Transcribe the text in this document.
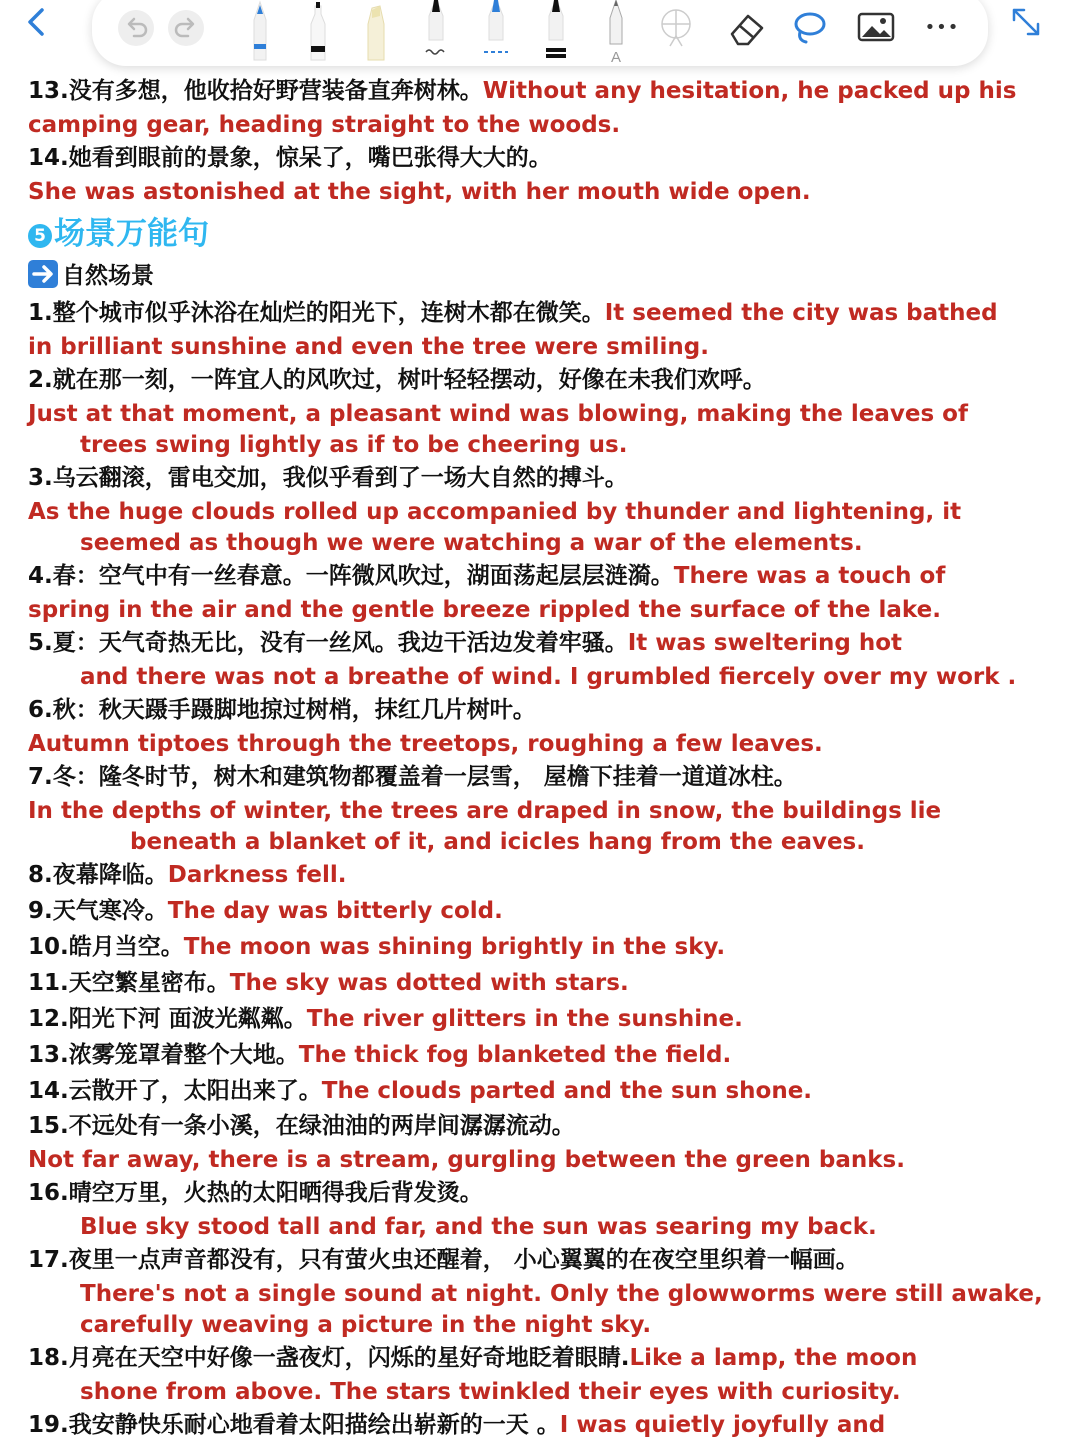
A
•••
13.没有多想，他收拾好野营装备直奔树林。Without any hesitation, he packed up his
camping gear, heading straight to the woods.
14.她看到眼前的景象，惊呆了，嘴巴张得大大的。
She was astonished at the sight, with her mouth wide open.
5 场景万能句
自然场景
1.整个城市似乎沐浴在灿烂的阳光下，连树木都在微笑。It seemed the city was bathed
in brilliant sunshine and even the tree were smiling.
2.就在那一刻，一阵宜人的风吹过，树叶轻轻摆动，好像在未我们欢呼。
Just at that moment, a pleasant wind was blowing, making the leaves of
trees swing lightly as if to be cheering us.
3.乌云翻滚，雷电交加，我似乎看到了一场大自然的搏斗。
As the huge clouds rolled up accompanied by thunder and lightening, it
seemed as though we were watching a war of the elements.
4.春：空气中有一丝春意。一阵微风吹过，湖面荡起层层涟漪。There was a touch of
spring in the air and the gentle breeze rippled the surface of the lake.
5.夏：天气奇热无比，没有一丝风。我边干活边发着牢骚。It was sweltering hot
and there was not a breathe of wind. I grumbled fiercely over my work .
6.秋：秋天蹑手蹑脚地掠过树梢，抹红几片树叶。
Autumn tiptoes through the treetops, roughing a few leaves.
7.冬：隆冬时节，树木和建筑物都覆盖着一层雪， 屋檐下挂着一道道冰柱。
In the depths of winter, the trees are draped in snow, the buildings lie
beneath a blanket of it, and icicles hang from the eaves.
8.夜幕降临。Darkness fell.
9.天气寒冷。The day was bitterly cold.
10.皓月当空。The moon was shining brightly in the sky.
11.天空繁星密布。The sky was dotted with stars.
12.阳光下河 面波光粼粼。The river glitters in the sunshine.
13.浓雾笼罩着整个大地。The thick fog blanketed the field.
14.云散开了，太阳出来了。The clouds parted and the sun shone.
15.不远处有一条小溪，在绿油油的两岸间潺潺流动。
Not far away, there is a stream, gurgling between the green banks.
16.晴空万里，火热的太阳晒得我后背发烫。
Blue sky stood tall and far, and the sun was searing my back.
17.夜里一点声音都没有，只有萤火虫还醒着， 小心翼翼的在夜空里织着一幅画。
There's not a single sound at night. Only the glowworms were still awake,
carefully weaving a picture in the night sky.
18.月亮在天空中好像一盏夜灯，闪烁的星好奇地眨着眼睛.Like a lamp, the moon
shone from above. The stars twinkled their eyes with curiosity.
19.我安静快乐耐心地看着太阳描绘出崭新的一天 。I was quietly joyfully and
